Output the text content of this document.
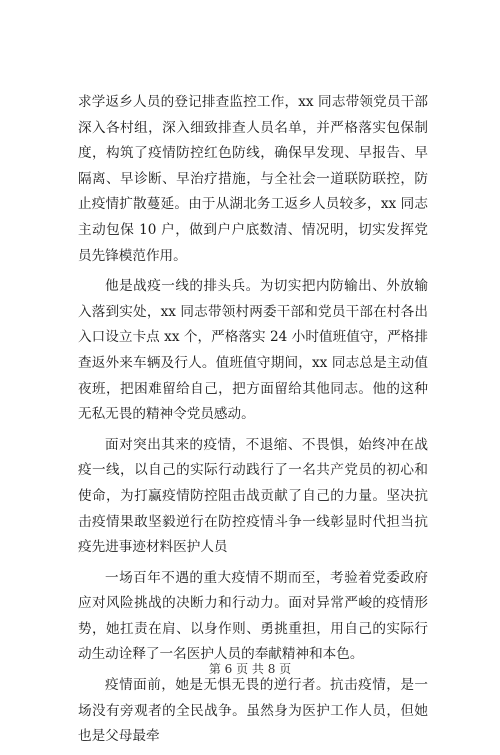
求学返乡人员的登记排查监控工作，xx 同志带领党员干部深入各村组，深入细致排查人员名单，并严格落实包保制度，构筑了疫情防控红色防线，确保早发现、早报告、早隔离、早诊断、早治疗措施，与全社会一道联防联控，防止疫情扩散蔓延。由于从湖北务工返乡人员较多，xx 同志主动包保 10 户，做到户户底数清、情况明，切实发挥党员先锋模范作用。

他是战疫一线的排头兵。为切实把内防输出、外放输入落到实处，xx 同志带领村两委干部和党员干部在村各出入口设立卡点 xx 个，严格落实 24 小时值班值守，严格排查返外来车辆及行人。值班值守期间，xx 同志总是主动值夜班，把困难留给自己，把方面留给其他同志。他的这种无私无畏的精神令党员感动。

面对突出其来的疫情，不退缩、不畏惧，始终冲在战疫一线，以自己的实际行动践行了一名共产党员的初心和使命，为打赢疫情防控阻击战贡献了自己的力量。坚决抗击疫情果敢坚毅逆行在防控疫情斗争一线彰显时代担当抗疫先进事迹材料医护人员

一场百年不遇的重大疫情不期而至，考验着党委政府应对风险挑战的决断力和行动力。面对异常严峻的疫情形势，她扛责在肩、以身作则、勇挑重担，用自己的实际行动生动诠释了一名医护人员的奉献精神和本色。

疫情面前，她是无惧无畏的逆行者。抗击疫情，是一场没有旁观者的全民战争。虽然身为医护工作人员，但她也是父母最牵

第 6 页 共 8 页
